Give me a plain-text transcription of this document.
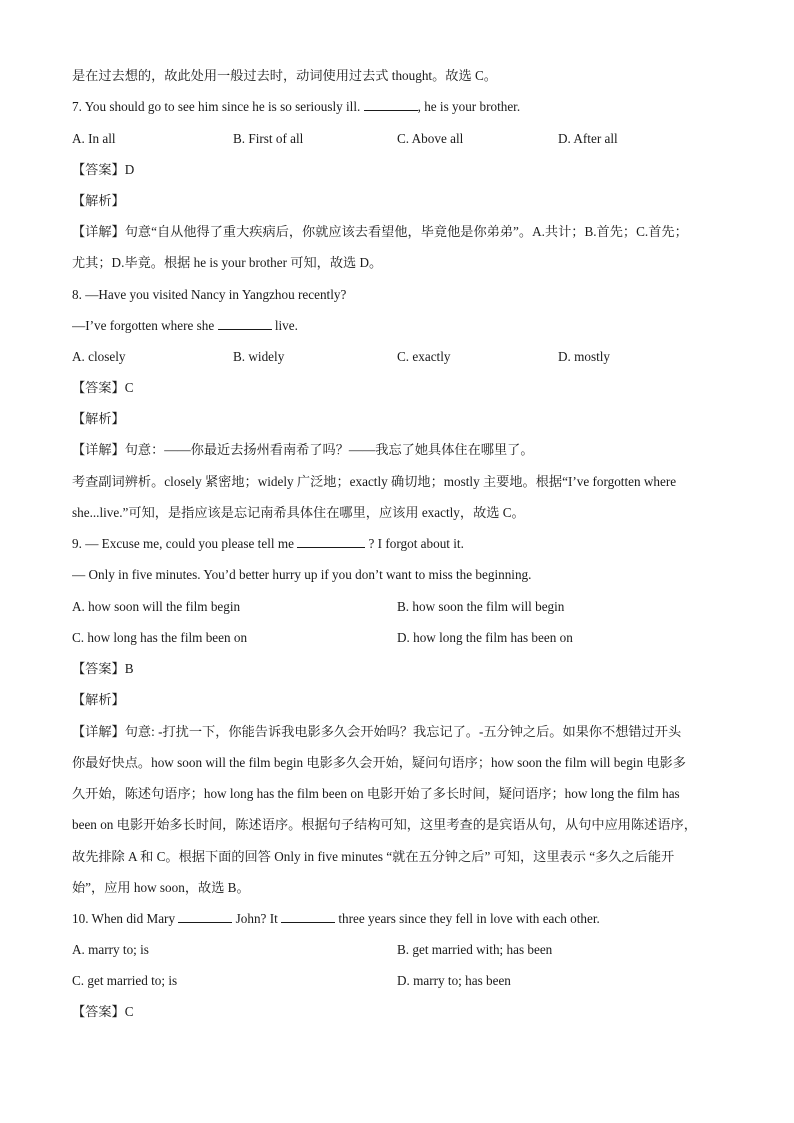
是在过去想的，故此处用一般过去时，动词使用过去式 thought。故选 C。
7. You should go to see him since he is so seriously ill.	, he is your brother.
A. In all	B. First of all	C. Above all	D. After all
【答案】D
【解析】
【详解】句意“自从他得了重大疾病后，你就应该去看望他，毕竟他是你弟弟”。A.共计；B.首先；C.首先；
尤其；D.毕竟。根据 he is your brother 可知，故选 D。
8. —Have you visited Nancy in Yangzhou recently?
—I’ve forgotten where she	live.
A. closely	B. widely	C. exactly	D. mostly
【答案】C
【解析】
【详解】句意：——你最近去扬州看南希了吗？——我忘了她具体住在哪里了。
考查副词辨析。closely 紧密地；widely 广泛地；exactly 确切地；mostly 主要地。根据“I’ve forgotten where
she...live.”可知，是指应该是忘记南希具体住在哪里，应该用 exactly，故选 C。
9. — Excuse me, could you please tell me	? I forgot about it.
— Only in five minutes. You’d better hurry up if you don’t want to miss the beginning.
A. how soon will the film begin	B. how soon the film will begin
C. how long has the film been on	D. how long the film has been on
【答案】B
【解析】
【详解】句意: -打扰一下，你能告诉我电影多久会开始吗？我忘记了。-五分钟之后。如果你不想错过开头
你最好快点。how soon will the film begin 电影多久会开始，疑问句语序；how soon the film will begin 电影多
久开始，陈述句语序；how long has the film been on 电影开始了多长时间，疑问语序；how long the film has
been on 电影开始多长时间，陈述语序。根据句子结构可知，这里考查的是宾语从句，从句中应用陈述语序，
故先排除 A 和 C。根据下面的回答 Only in five minutes “就在五分钟之后” 可知，这里表示 “多久之后能开
始”，应用 how soon，故选 B。
10. When did Mary	John? It	three years since they fell in love with each other.
A. marry to; is	B. get married with; has been
C. get married to; is	D. marry to; has been
【答案】C
